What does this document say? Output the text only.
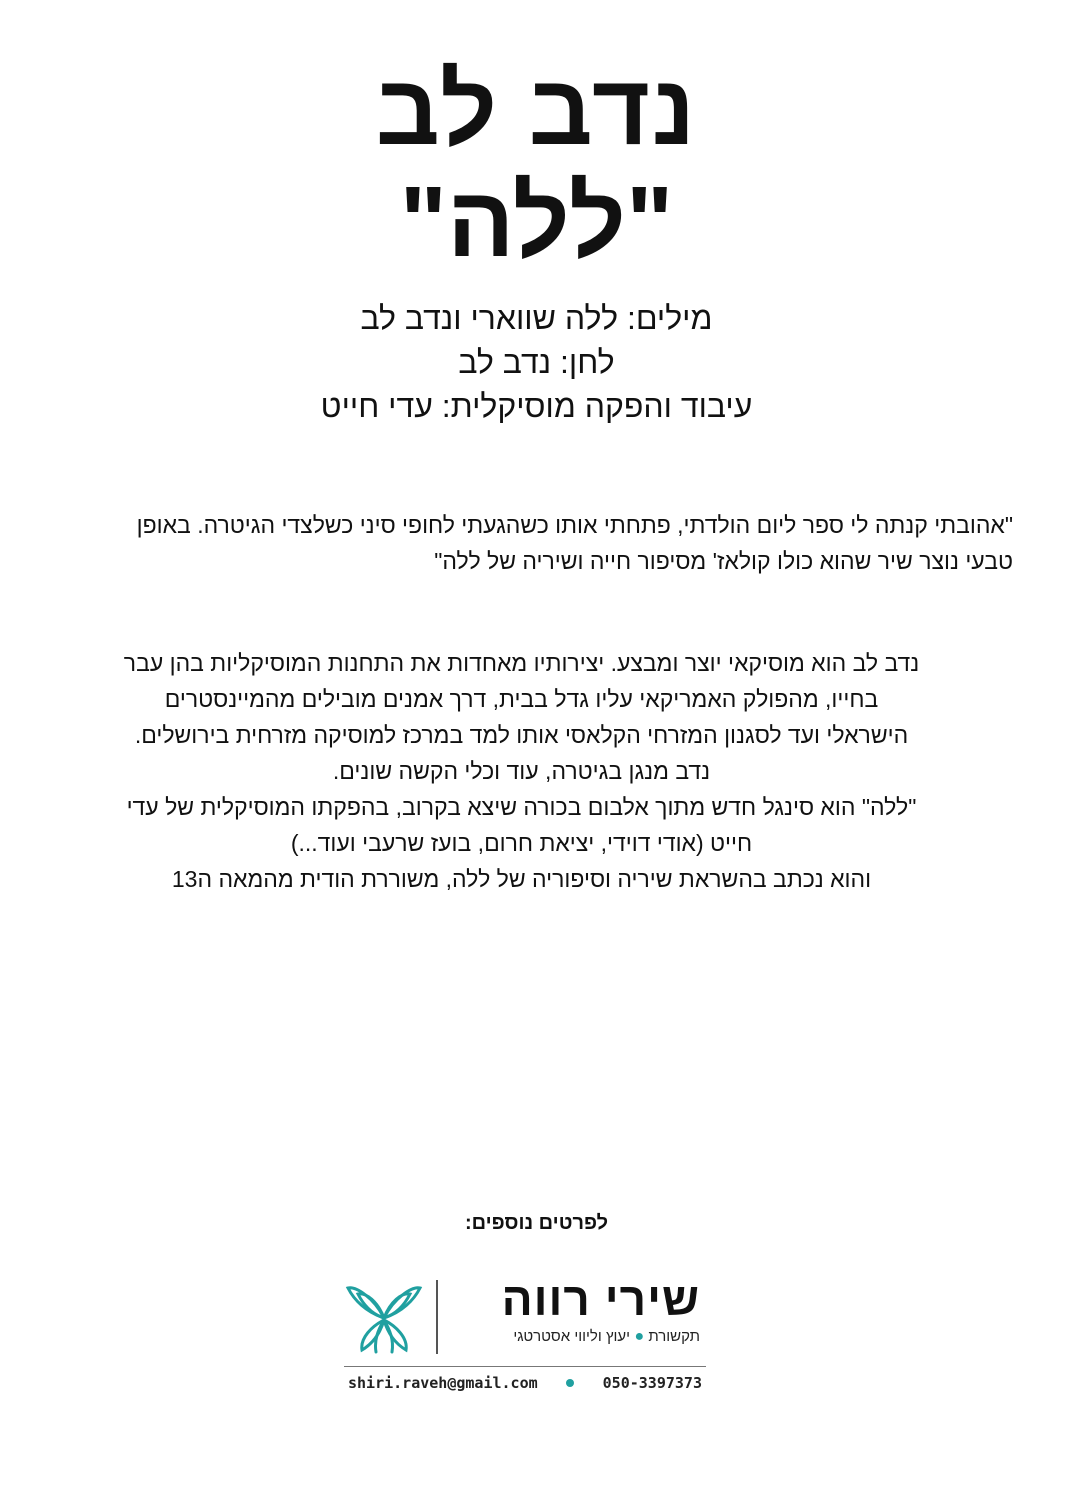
נדב לב
"ללה"
מילים: ללה שווארי ונדב לב
לחן: נדב לב
עיבוד והפקה מוסיקלית: עדי חייט
"אהובתי קנתה לי ספר ליום הולדתי, פתחתי אותו כשהגעתי לחופי סיני כשלצדי הגיטרה. באופן טבעי נוצר שיר שהוא כולו קולאז' מסיפור חייה ושיריה של ללה"

נדב לב הוא מוסיקאי יוצר ומבצע. יצירותיו מאחדות את התחנות המוסיקליות בהן עבר

בחייו, מהפולק האמריקאי עליו גדל בבית, דרך אמנים מובילים מהמיינסטרים

הישראלי ועד לסגנון המזרחי הקלאסי אותו למד במרכז למוסיקה מזרחית בירושלים.

נדב מנגן בגיטרה, עוד וכלי הקשה שונים.

"ללה" הוא סינגל חדש מתוך אלבום בכורה שיצא בקרוב, בהפקתו המוסיקלית של עדי

חייט (אודי דוידי, יציאת חרום, בועז שרעבי ועוד...)

והוא נכתב בהשראת שיריה וסיפוריה של ללה, משוררת הודית מהמאה ה13

לפרטים נוספים:
שירי רווה
תקשורת ● יעוץ וליווי אסטרטגי
shiri.raveh@gmail.com	050-3397373
